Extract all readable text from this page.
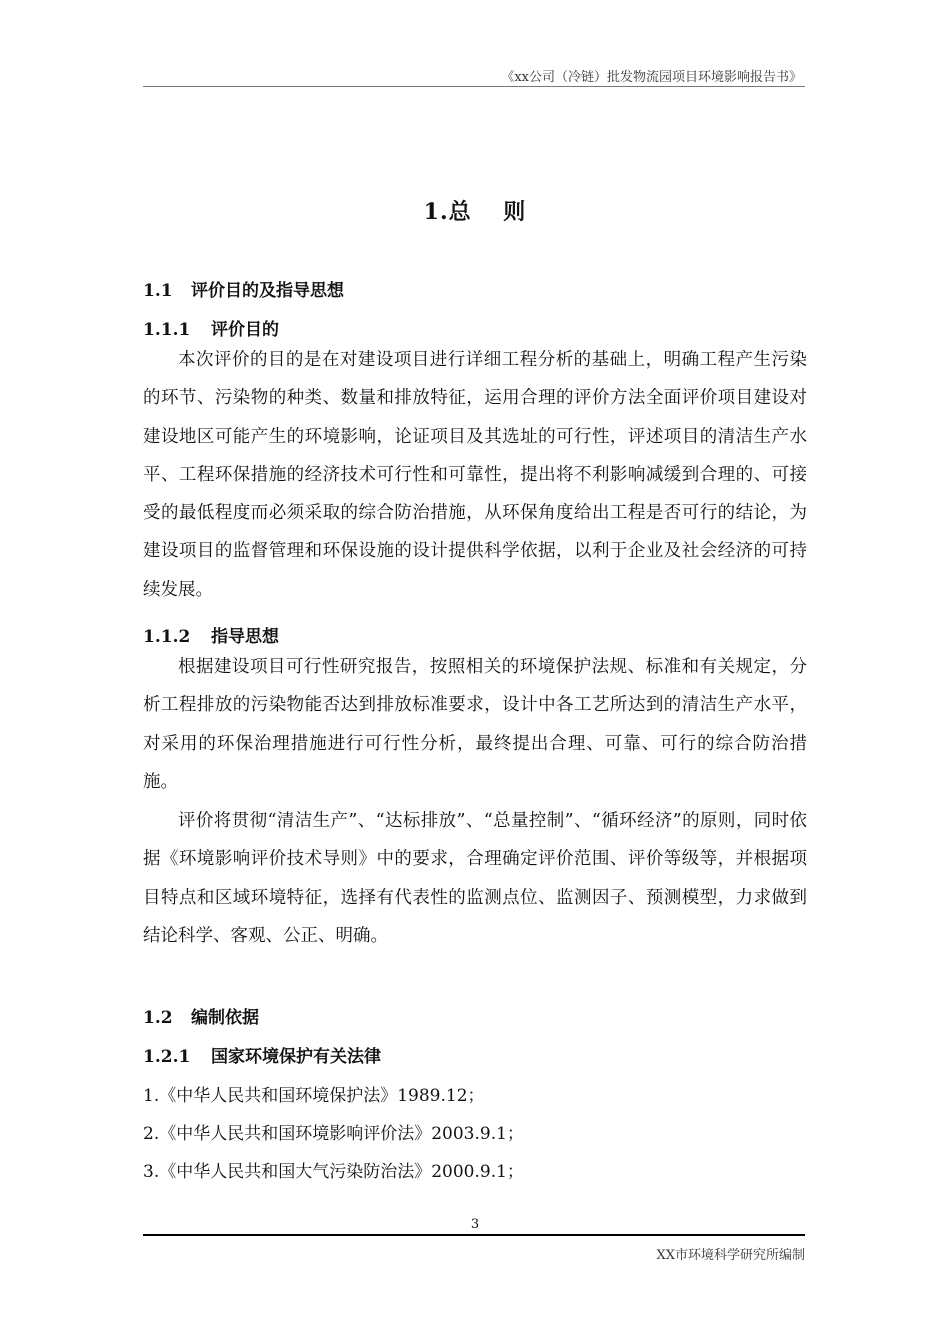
《xx公司（冷链）批发物流园项目环境影响报告书》
1.总　 则
1.1 评价目的及指导思想
1.1.1 评价目的

本次评价的目的是在对建设项目进行详细工程分析的基础上，明确工程产生污染的环节、污染物的种类、数量和排放特征，运用合理的评价方法全面评价项目建设对建设地区可能产生的环境影响，论证项目及其选址的可行性，评述项目的清洁生产水平、工程环保措施的经济技术可行性和可靠性，提出将不利影响减缓到合理的、可接受的最低程度而必须采取的综合防治措施，从环保角度给出工程是否可行的结论，为建设项目的监督管理和环保设施的设计提供科学依据，以利于企业及社会经济的可持续发展。

1.1.2 指导思想

根据建设项目可行性研究报告，按照相关的环境保护法规、标准和有关规定，分析工程排放的污染物能否达到排放标准要求，设计中各工艺所达到的清洁生产水平，对采用的环保治理措施进行可行性分析，最终提出合理、可靠、可行的综合防治措施。

评价将贯彻“清洁生产”、“达标排放”、“总量控制”、“循环经济”的原则，同时依据《环境影响评价技术导则》中的要求，合理确定评价范围、评价等级等，并根据项目特点和区域环境特征，选择有代表性的监测点位、监测因子、预测模型，力求做到结论科学、客观、公正、明确。

1.2 编制依据
1.2.1 国家环境保护有关法律
1.《中华人民共和国环境保护法》1989.12；
2.《中华人民共和国环境影响评价法》2003.9.1；
3.《中华人民共和国大气污染防治法》2000.9.1；
3
XX市环境科学研究所编制
